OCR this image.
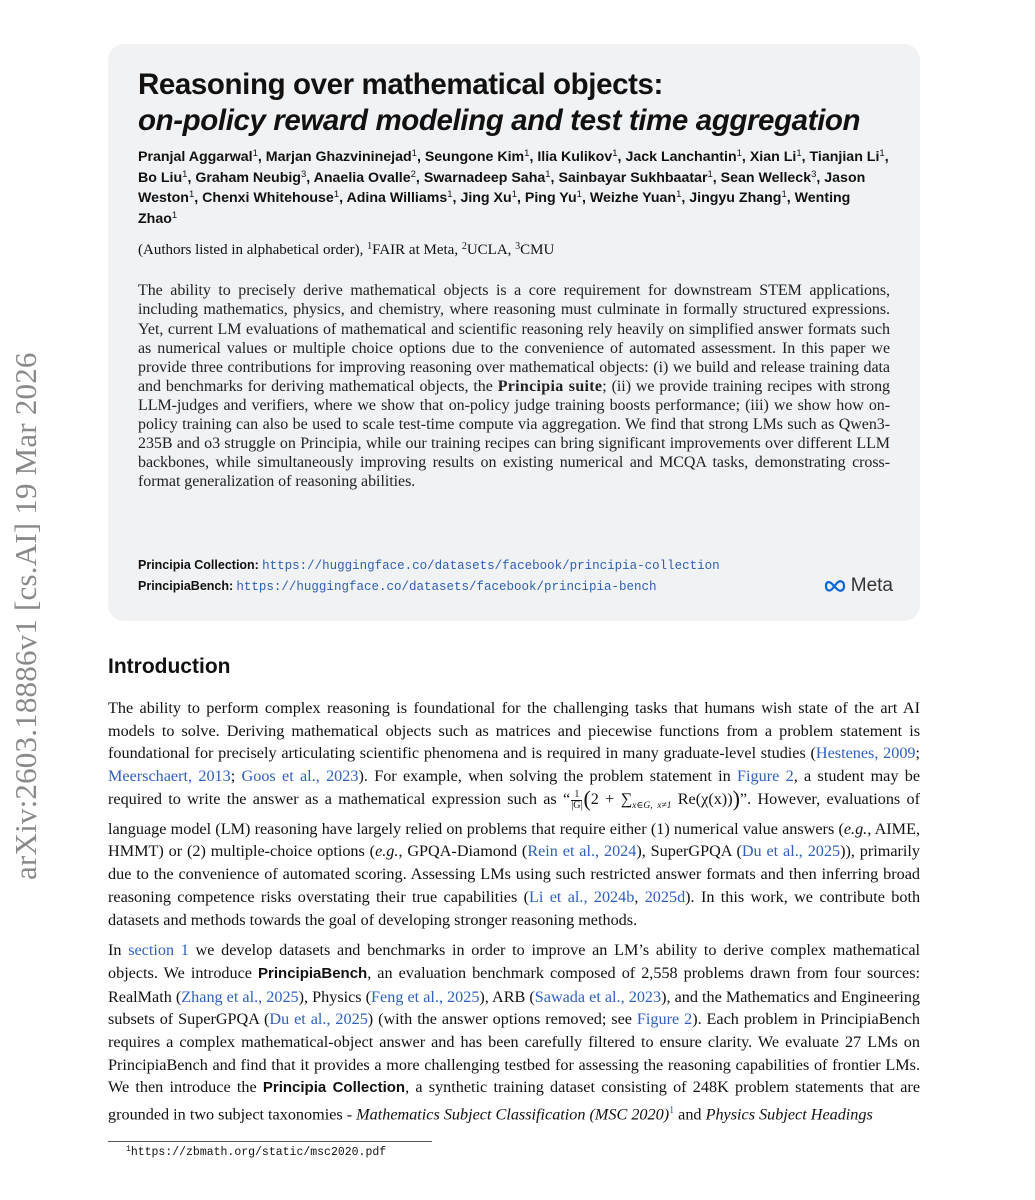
arXiv:2603.18886v1 [cs.AI] 19 Mar 2026
Reasoning over mathematical objects:
on-policy reward modeling and test time aggregation
Pranjal Aggarwal$^1$, Marjan Ghazvininejad$^1$, Seungone Kim$^1$, Ilia Kulikov$^1$, Jack Lanchantin$^1$, Xian Li$^1$, Tianjian Li$^1$, Bo Liu$^1$, Graham Neubig$^3$, Anaelia Ovalle$^2$, Swarnadeep Saha$^1$, Sainbayar Sukhbaatar$^1$, Sean Welleck$^3$, Jason Weston$^1$, Chenxi Whitehouse$^1$, Adina Williams$^1$, Jing Xu$^1$, Ping Yu$^1$, Weizhe Yuan$^1$, Jingyu Zhang$^1$, Wenting Zhao$^1$
(Authors listed in alphabetical order), $^1$FAIR at Meta, $^2$UCLA, $^3$CMU
The ability to precisely derive mathematical objects is a core requirement for downstream STEM applications, including mathematics, physics, and chemistry, where reasoning must culminate in formally structured expressions. Yet, current LM evaluations of mathematical and scientific reasoning rely heavily on simplified answer formats such as numerical values or multiple choice options due to the convenience of automated assessment. In this paper we provide three contributions for improving reasoning over mathematical objects: (i) we build and release training data and benchmarks for deriving mathematical objects, the Principia suite; (ii) we provide training recipes with strong LLM-judges and verifiers, where we show that on-policy judge training boosts performance; (iii) we show how on-policy training can also be used to scale test-time compute via aggregation. We find that strong LMs such as Qwen3-235B and o3 struggle on Principia, while our training recipes can bring significant improvements over different LLM backbones, while simultaneously improving results on existing numerical and MCQA tasks, demonstrating cross-format generalization of reasoning abilities.
Principia Collection: https://huggingface.co/datasets/facebook/principia-collection
PrincipiaBench: https://huggingface.co/datasets/facebook/principia-bench	Meta
Introduction

The ability to perform complex reasoning is foundational for the challenging tasks that humans wish state of the art AI models to solve. Deriving mathematical objects such as matrices and piecewise functions from a problem statement is foundational for precisely articulating scientific phenomena and is required in many graduate-level studies (Hestenes, 2009; Meerschaert, 2013; Goos et al., 2023). For example, when solving the problem statement in Figure 2, a student may be required to write the answer as a mathematical expression such as “ $\frac{1}{|G|} (2 + \sum_{x\in G, x\ne 1}$ Re(χ(x)))”. However, evaluations of language model (LM) reasoning have largely relied on problems that require either (1) numerical value answers (e.g., AIME, HMMT) or (2) multiple-choice options (e.g., GPQA-Diamond (Rein et al., 2024), SuperGPQA (Du et al., 2025)), primarily due to the convenience of automated scoring. Assessing LMs using such restricted answer formats and then inferring broad reasoning competence risks overstating their true capabilities (Li et al., 2024b, 2025d). In this work, we contribute both datasets and methods towards the goal of developing stronger reasoning methods.

In section 1 we develop datasets and benchmarks in order to improve an LM’s ability to derive complex mathematical objects. We introduce PrincipiaBench, an evaluation benchmark composed of 2,558 problems drawn from four sources: RealMath (Zhang et al., 2025), Physics (Feng et al., 2025), ARB (Sawada et al., 2023), and the Mathematics and Engineering subsets of SuperGPQA (Du et al., 2025) (with the answer options removed; see Figure 2). Each problem in PrincipiaBench requires a complex mathematical-object answer and has been carefully filtered to ensure clarity. We evaluate 27 LMs on PrincipiaBench and find that it provides a more challenging testbed for assessing the reasoning capabilities of frontier LMs. We then introduce the Principia Collection, a synthetic training dataset consisting of 248K problem statements that are grounded in two subject taxonomies - Mathematics Subject Classification (MSC 2020)$^1$ and Physics Subject Headings

$^1$https://zbmath.org/static/msc2020.pdf
